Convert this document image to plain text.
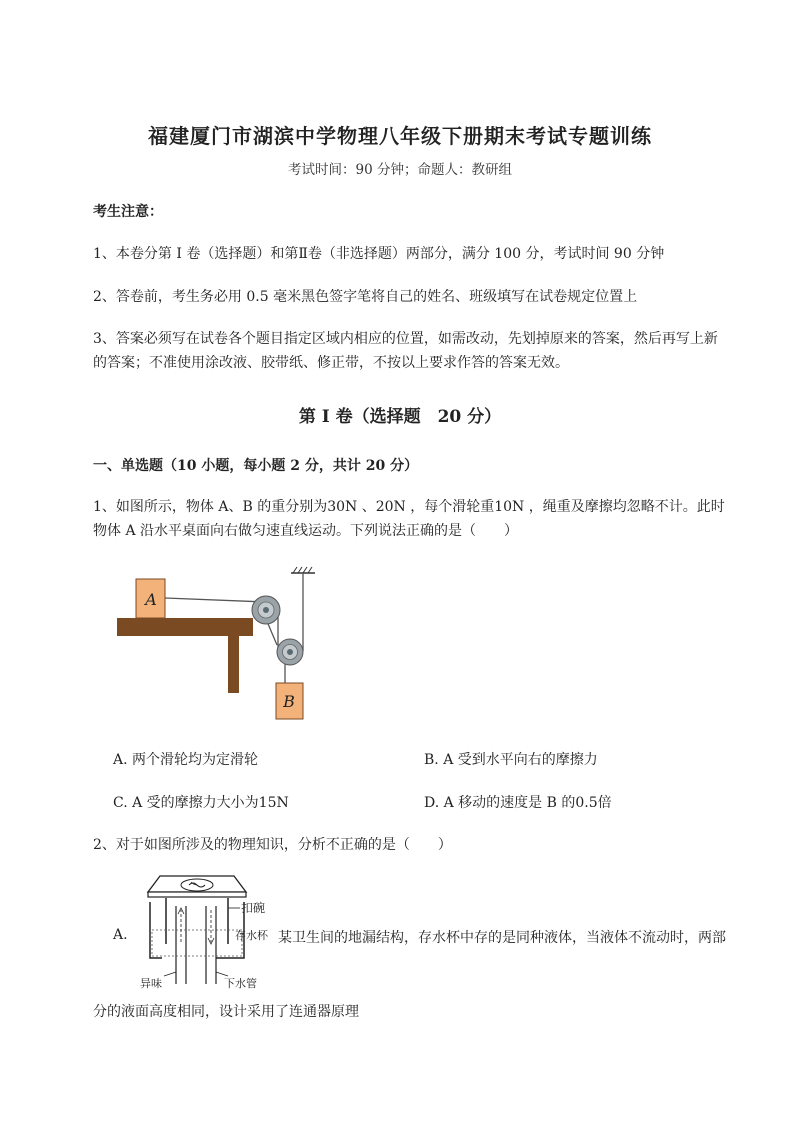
福建厦门市湖滨中学物理八年级下册期末考试专题训练
考试时间：90 分钟；命题人：教研组
考生注意：
1、本卷分第 I 卷（选择题）和第Ⅱ卷（非选择题）两部分，满分 100 分，考试时间 90 分钟
2、答卷前，考生务必用 0.5 毫米黑色签字笔将自己的姓名、班级填写在试卷规定位置上
3、答案必须写在试卷各个题目指定区域内相应的位置，如需改动，先划掉原来的答案，然后再写上新
的答案；不准使用涂改液、胶带纸、修正带，不按以上要求作答的答案无效。
第 I 卷（选择题　20 分）
一、单选题（10 小题，每小题 2 分，共计 20 分）
1、如图所示，物体 A、B 的重分别为30N 、20N ，每个滑轮重10N ，绳重及摩擦均忽略不计。此时
物体 A 沿水平桌面向右做匀速直线运动。下列说法正确的是（　　）
A
B
A. 两个滑轮均为定滑轮	B. A 受到水平向右的摩擦力
C. A 受的摩擦力大小为15N	D. A 移动的速度是 B 的0.5倍
2、对于如图所涉及的物理知识，分析不正确的是（　　）
扣碗
存水杯
异味	下水管
A.	某卫生间的地漏结构，存水杯中存的是同种液体，当液体不流动时，两部
分的液面高度相同，设计采用了连通器原理
